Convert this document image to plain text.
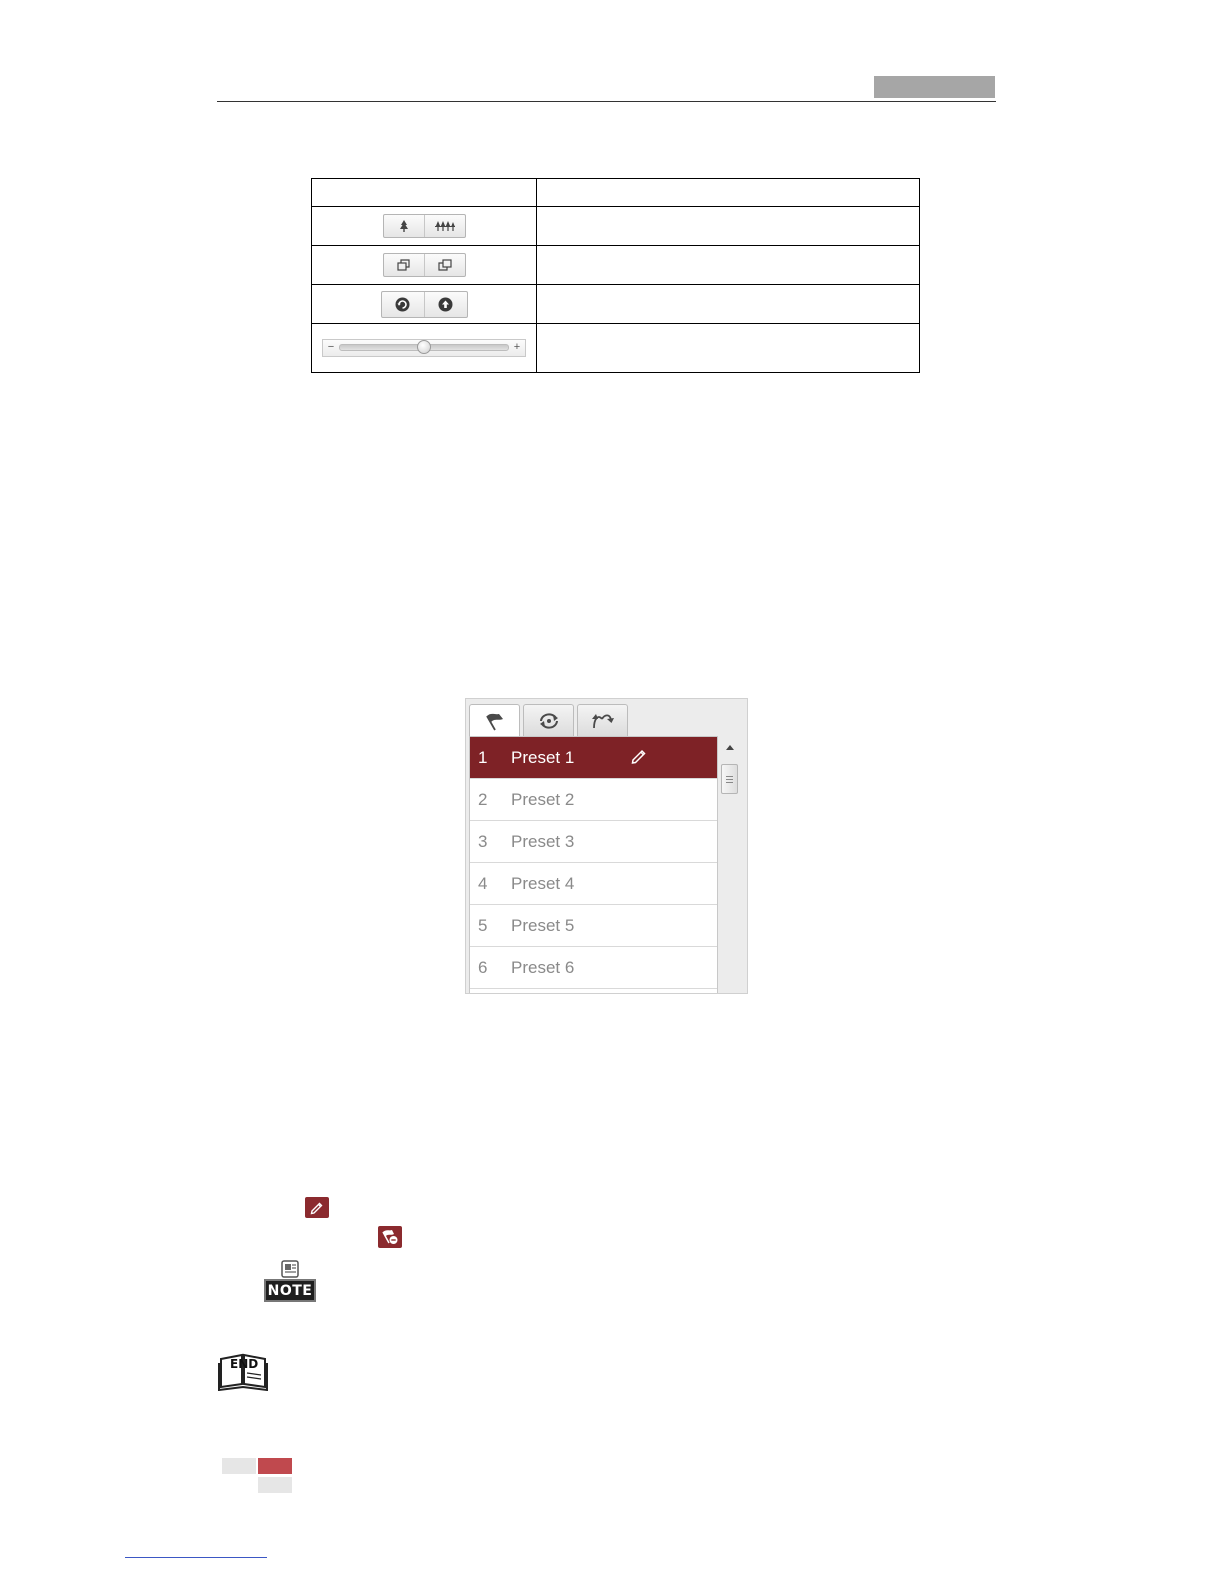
− +	

1	Preset 1
2	Preset 2
3	Preset 3
4	Preset 4
5	Preset 5
6	Preset 6
NOTE
END
